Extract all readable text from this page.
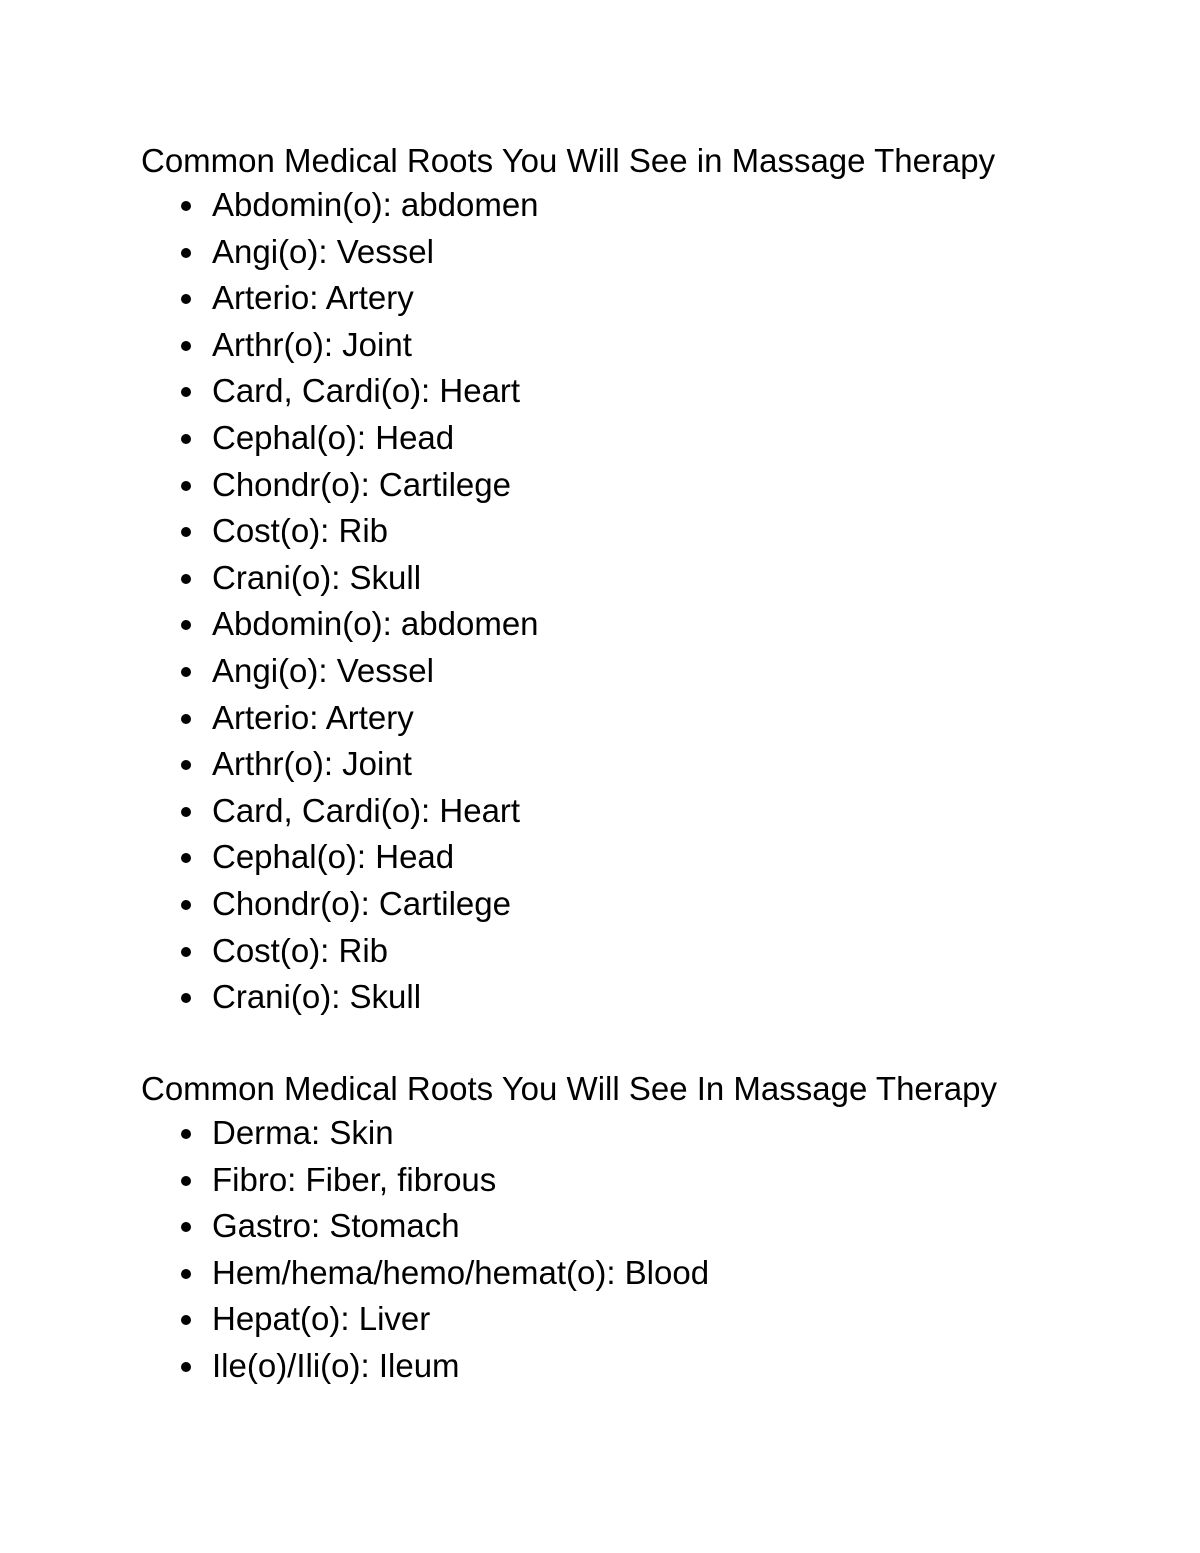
Common Medical Roots You Will See in Massage Therapy
Abdomin(o): abdomen
Angi(o): Vessel
Arterio: Artery
Arthr(o): Joint
Card, Cardi(o): Heart
Cephal(o): Head
Chondr(o): Cartilege
Cost(o): Rib
Crani(o): Skull
Abdomin(o): abdomen
Angi(o): Vessel
Arterio: Artery
Arthr(o): Joint
Card, Cardi(o): Heart
Cephal(o): Head
Chondr(o): Cartilege
Cost(o): Rib
Crani(o): Skull
Common Medical Roots You Will See In Massage Therapy
Derma: Skin
Fibro: Fiber, fibrous
Gastro: Stomach
Hem/hema/hemo/hemat(o): Blood
Hepat(o): Liver
Ile(o)/Ili(o): Ileum
